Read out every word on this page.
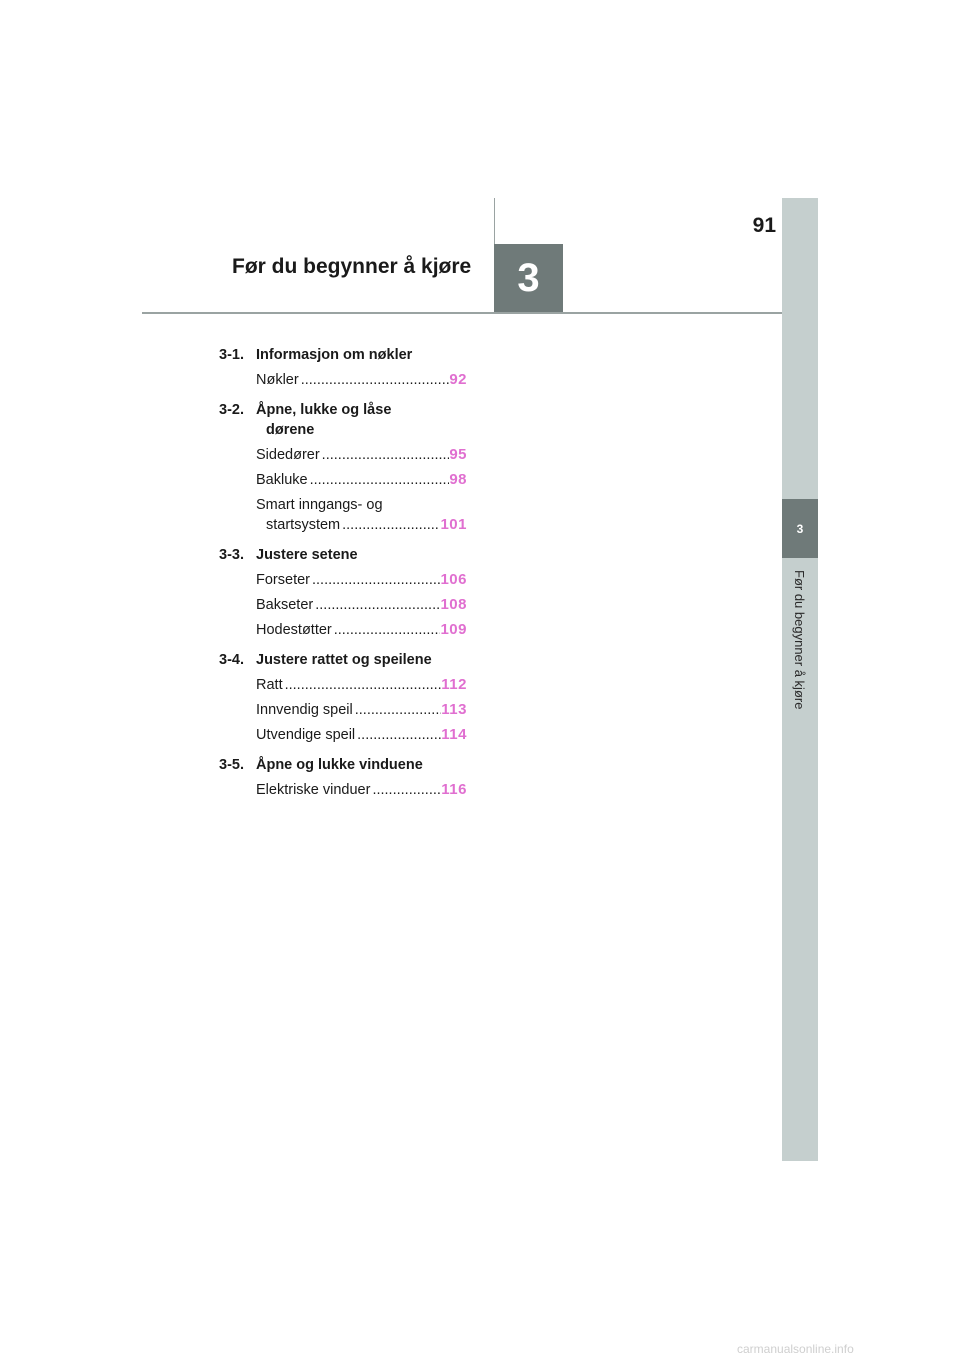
91
Før du begynner å kjøre	3
3
Før du begynner å kjøre
3-1. Informasjon om nøkler
Nøkler .....	92
3-2. Åpne, lukke og låse
dørene
Sidedører .....	95
Bakluke .....	98
Smart inngangs- og
startsystem .....	101
3-3. Justere setene
Forseter .....	106
Bakseter .....	108
Hodestøtter .....	109
3-4. Justere rattet og speilene
Ratt .....	112
Innvendig speil .....	113
Utvendige speil .....	114
3-5. Åpne og lukke vinduene
Elektriske vinduer .....	116
carmanualsonline.info
